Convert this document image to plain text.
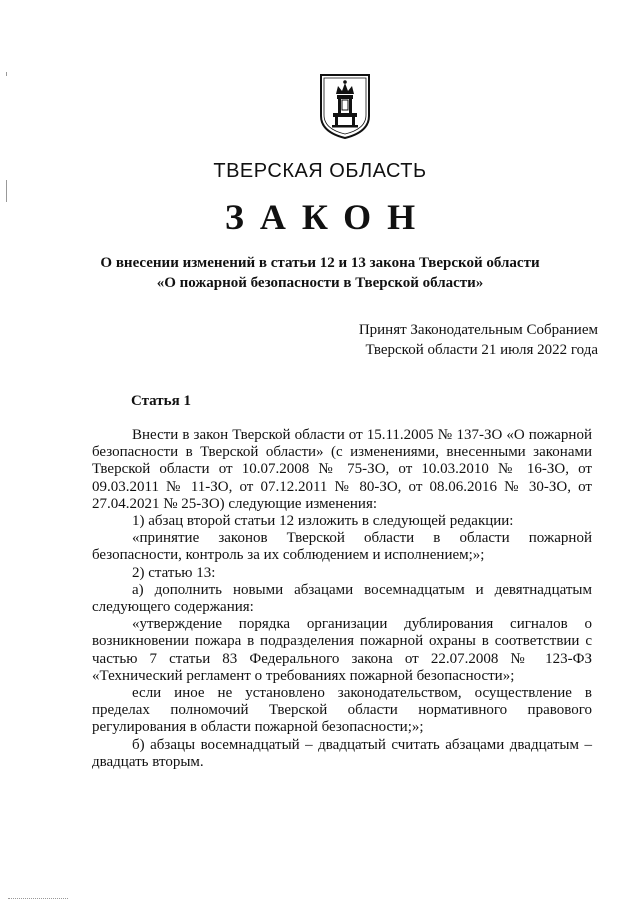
ТВЕРСКАЯ ОБЛАСТЬ
ЗАКОН
О внесении изменений в статьи 12 и 13 закона Тверской области
«О пожарной безопасности в Тверской области»
Принят Законодательным Собранием
Тверской области 21 июля 2022 года
Статья 1

Внести в закон Тверской области от 15.11.2005 № 137-ЗО «О пожарной безопасности в Тверской области» (с изменениями, внесенными законами Тверской области от 10.07.2008 № 75-ЗО, от 10.03.2010 № 16-ЗО, от 09.03.2011 № 11-ЗО, от 07.12.2011 № 80-ЗО, от 08.06.2016 № 30-ЗО, от 27.04.2021 № 25-ЗО) следующие изменения:

1) абзац второй статьи 12 изложить в следующей редакции:

«принятие законов Тверской области в области пожарной безопасности, контроль за их соблюдением и исполнением;»;

2) статью 13:

а) дополнить новыми абзацами восемнадцатым и девятнадцатым следующего содержания:

«утверждение порядка организации дублирования сигналов о возникновении пожара в подразделения пожарной охраны в соответствии с частью 7 статьи 83 Федерального закона от 22.07.2008 № 123-ФЗ «Технический регламент о требованиях пожарной безопасности»;

если иное не установлено законодательством, осуществление в пределах полномочий Тверской области нормативного правового регулирования в области пожарной безопасности;»;

б) абзацы восемнадцатый – двадцатый считать абзацами двадцатым – двадцать вторым.
